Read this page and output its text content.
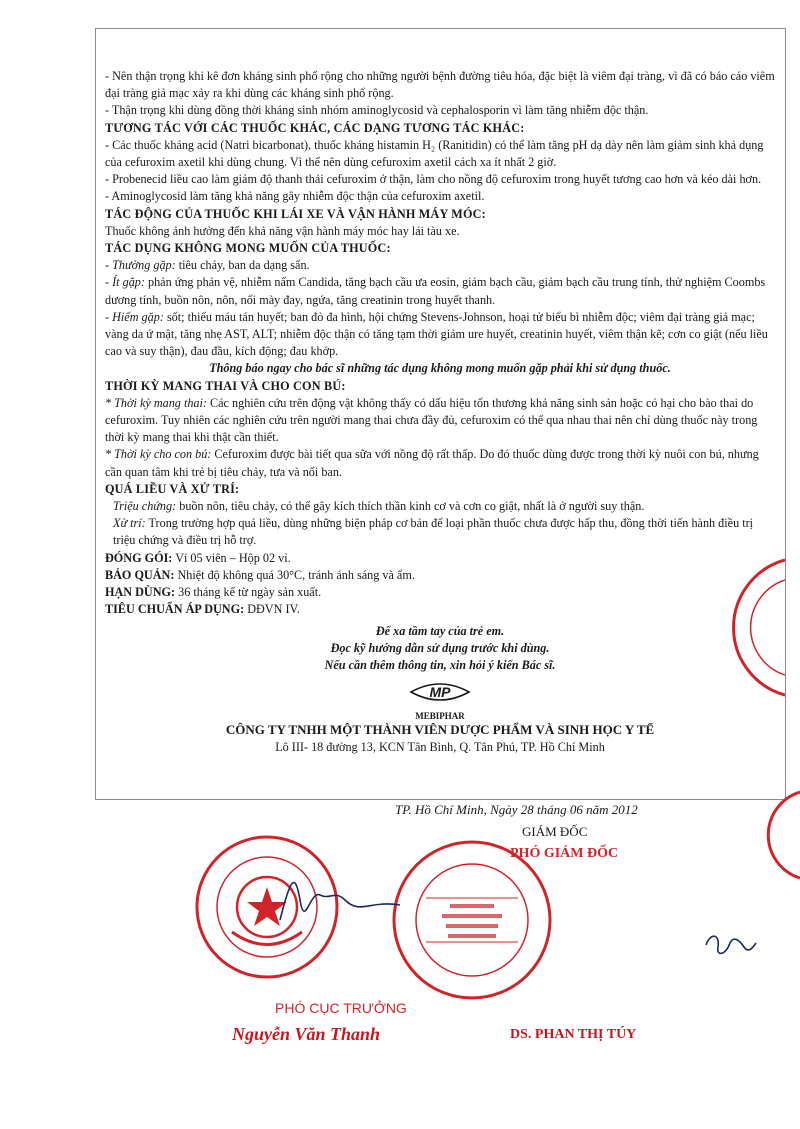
- Nên thận trọng khi kê đơn kháng sinh phổ rộng cho những người bệnh đường tiêu hóa, đặc biệt là viêm đại tràng, vì đã có báo cáo viêm đại tràng giả mạc xảy ra khi dùng các kháng sinh phổ rộng.

- Thận trọng khi dùng đồng thời kháng sinh nhóm aminoglycosid và cephalosporin vì làm tăng nhiễm độc thận.

TƯƠNG TÁC VỚI CÁC THUỐC KHÁC, CÁC DẠNG TƯƠNG TÁC KHÁC:

- Các thuốc kháng acid (Natri bicarbonat), thuốc kháng histamin H₂ (Ranitidin) có thể làm tăng pH dạ dày nên làm giảm sinh khả dụng của cefuroxim axetil khi dùng chung. Vì thế nên dùng cefuroxim axetil cách xa ít nhất 2 giờ.

- Probenecid liều cao làm giảm độ thanh thải cefuroxim ở thận, làm cho nồng độ cefuroxim trong huyết tương cao hơn và kéo dài hơn.

- Aminoglycosid làm tăng khả năng gây nhiễm độc thận của cefuroxim axetil.

TÁC ĐỘNG CỦA THUỐC KHI LÁI XE VÀ VẬN HÀNH MÁY MÓC:

Thuốc không ảnh hưởng đến khả năng vận hành máy móc hay lái tàu xe.

TÁC DỤNG KHÔNG MONG MUỐN CỦA THUỐC:

- Thường gặp: tiêu chảy, ban da dạng sẩn.

- Ít gặp: phản ứng phản vệ, nhiễm nấm Candida, tăng bạch cầu ưa eosin, giảm bạch cầu, giảm bạch cầu trung tính, thử nghiệm Coombs dương tính, buồn nôn, nôn, nổi mày đay, ngứa, tăng creatinin trong huyết thanh.

- Hiếm gặp: sốt; thiếu máu tán huyết; ban đỏ đa hình, hội chứng Stevens-Johnson, hoại tử biểu bì nhiễm độc; viêm đại tràng giả mạc; vàng da ứ mật, tăng nhẹ AST, ALT; nhiễm độc thận có tăng tạm thời giảm ure huyết, creatinin huyết, viêm thận kẽ; cơn co giật (nếu liều cao và suy thận), đau đầu, kích động; đau khớp.

Thông báo ngay cho bác sĩ những tác dụng không mong muốn gặp phải khi sử dụng thuốc.

THỜI KỲ MANG THAI VÀ CHO CON BÚ:

* Thời kỳ mang thai: Các nghiên cứu trên động vật không thấy có dấu hiệu tổn thương khả năng sinh sản hoặc có hại cho bào thai do cefuroxim. Tuy nhiên các nghiên cứu trên người mang thai chưa đầy đủ, cefuroxim có thể qua nhau thai nên chỉ dùng thuốc này trong thời kỳ mang thai khi thật cần thiết.

* Thời kỳ cho con bú: Cefuroxim được bài tiết qua sữa với nồng độ rất thấp. Do đó thuốc dùng được trong thời kỳ nuôi con bú, nhưng cần quan tâm khi trẻ bị tiêu chảy, tưa và nổi ban.

QUÁ LIỀU VÀ XỬ TRÍ:

Triệu chứng: buồn nôn, tiêu chảy, có thể gây kích thích thần kinh cơ và cơn co giật, nhất là ở người suy thận.

Xử trí: Trong trường hợp quá liều, dùng những biện pháp cơ bản để loại phần thuốc chưa được hấp thu, đồng thời tiến hành điều trị triệu chứng và điều trị hỗ trợ.

ĐÓNG GÓI: Vỉ 05 viên – Hộp 02 vỉ.

BẢO QUẢN: Nhiệt độ không quá 30°C, tránh ánh sáng và ẩm.

HẠN DÙNG: 36 tháng kể từ ngày sản xuất.

TIÊU CHUẨN ÁP DỤNG: DĐVN IV.

Để xa tầm tay của trẻ em.

Đọc kỹ hướng dẫn sử dụng trước khi dùng.

Nếu cần thêm thông tin, xin hỏi ý kiến Bác sĩ.

MP

MEBIPHAR

CÔNG TY TNHH MỘT THÀNH VIÊN DƯỢC PHẨM VÀ SINH HỌC Y TẾ

Lô III- 18 đường 13, KCN Tân Bình, Q. Tân Phú, TP. Hồ Chí Minh

TP. Hồ Chí Minh, Ngày 28 tháng 06 năm 2012
GIÁM ĐỐC
PHÓ GIÁM ĐỐC
PHÓ CỤC TRƯỞNG
Nguyễn Văn Thanh	DS. PHAN THỊ TÚY
